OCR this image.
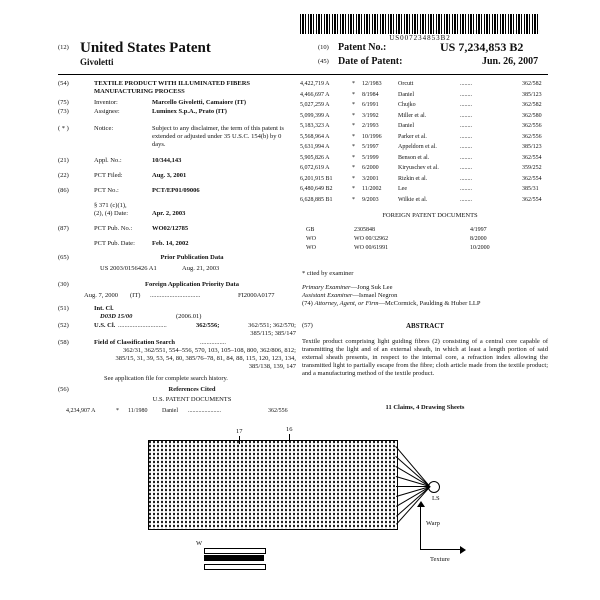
US007234853B2
(12) United States Patent
Givoletti
(10) Patent No.:	US 7,234,853 B2
(45) Date of Patent:	Jun. 26, 2007
(54)	TEXTILE PRODUCT WITH ILLUMINATED FIBERS MANUFACTURING PROCESS
(75)	Inventor:	Marcello Givoletti, Camaiore (IT)
(73)	Assignee:	Luminex S.p.A., Prato (IT)
( * )	Notice:	Subject to any disclaimer, the term of this patent is extended or adjusted under 35 U.S.C. 154(b) by 0 days.
(21)	Appl. No.:	10/344,143
(22)	PCT Filed:	Aug. 3, 2001
(86)	PCT No.:	PCT/EP01/09006
§ 371 (c)(1),
(2), (4) Date:	Apr. 2, 2003
(87)	PCT Pub. No.:	WO02/12785
PCT Pub. Date:	Feb. 14, 2002
(65)	Prior Publication Data
US 2003/0156426 A1	Aug. 21, 2003
(30)	Foreign Application Priority Data
Aug. 7, 2000 (IT) ...............................	FI2000A0177
(51)	Int. Cl.
D03D 15/00	(2006.01)
(52)	U.S. Cl. ..............................	362/556;	362/551; 362/570; 385/115; 385/147
(58)	Field of Classification Search	................
362/31, 362/551, 554–556, 570, 103, 105–108, 800, 362/806, 812; 385/15, 31, 39, 53, 54, 80, 385/76–78, 81, 84, 88, 115, 120, 123, 134, 385/138, 139, 147
See application file for complete search history.
(56)	References Cited
U.S. PATENT DOCUMENTS
4,234,907 A	* 11/1980 Daniel ......................	362/556
4,422,719 A	* 12/1983	Orcutt	362/582
........
4,466,697 A	* 8/1984	Daniel	385/123
........
5,027,259 A	* 6/1991	Chujko	362/582
........
5,099,399 A	* 3/1992	Miller et al.	362/580
........
5,183,323 A	* 2/1993	Daniel	362/556
........
5,568,964 A	* 10/1996	Parker et al.	362/556
........
5,631,994 A	* 5/1997	Appeldorn et al.	385/123
........
5,905,826 A	* 5/1999	Benson et al.	362/554
........
6,072,619 A	* 6/2000	Kiryuschev et al.	359/252
........
6,201,915 B1	* 3/2001	Rizkin et al.	362/554
........
6,480,649 B2	* 11/2002	Lee	385/31
........
6,628,885 B1	* 9/2003	Wilkie et al.	362/554
........
FOREIGN PATENT DOCUMENTS
GB	2305848	4/1997
WO	WO 00/32962	8/2000
WO	WO 00/61991	10/2000
* cited by examiner
Primary Examiner—Jong Suk Lee
Assistant Examiner—Ismael Negron
(74) Attorney, Agent, or Firm—McCormick, Paulding & Huber LLP
(57)	ABSTRACT
Textile product comprising light guiding fibres (2) consisting of a central core capable of transmitting the light and of an external sheath, in which at least a length portion of said external sheath presents, in respect to the internal core, a refraction index allowing the transmitted light to partially escape from the fibre; cloth article made from the textile product; and a manufacturing method of the textile product.
11 Claims, 4 Drawing Sheets
17	16
LS
Warp
Texture
W
